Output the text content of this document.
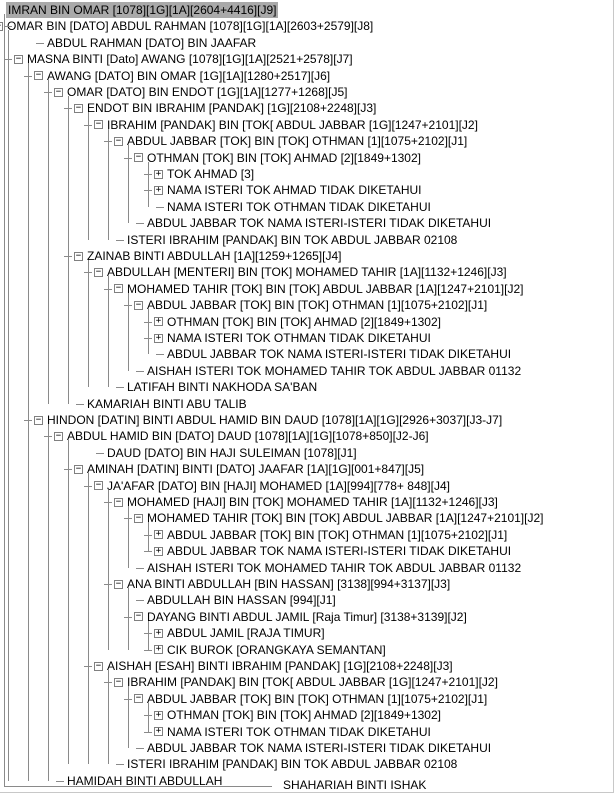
IMRAN BIN OMAR [1078][1G][1A][2604+4416][J9]
OMAR BIN [DATO] ABDUL RAHMAN [1078][1G][1A][2603+2579][J8]
ABDUL RAHMAN [DATO] BIN JAAFAR
− MASNA BINTI [Dato] AWANG [1078][1G][1A][2521+2578][J7]
− AWANG [DATO] BIN OMAR [1G][1A][1280+2517][J6]
− OMAR [DATO] BIN ENDOT [1G][1A][1277+1268][J5]
− ENDOT BIN IBRAHIM [PANDAK] [1G][2108+2248][J3]
− IBRAHIM [PANDAK] BIN [TOK[ ABDUL JABBAR [1G][1247+2101][J2]
− ABDUL JABBAR [TOK] BIN [TOK] OTHMAN [1][1075+2102][J1]
− OTHMAN [TOK] BIN [TOK] AHMAD [2][1849+1302]
+ TOK AHMAD [3]
+ NAMA ISTERI TOK AHMAD TIDAK DIKETAHUI
NAMA ISTERI TOK OTHMAN TIDAK DIKETAHUI
ABDUL JABBAR TOK NAMA ISTERI-ISTERI TIDAK DIKETAHUI
ISTERI IBRAHIM [PANDAK] BIN TOK ABDUL JABBAR 02108
− ZAINAB BINTI ABDULLAH [1A][1259+1265][J4]
− ABDULLAH [MENTERI] BIN [TOK] MOHAMED TAHIR [1A][1132+1246][J3]
− MOHAMED TAHIR [TOK] BIN [TOK] ABDUL JABBAR [1A][1247+2101][J2]
− ABDUL JABBAR [TOK] BIN [TOK] OTHMAN [1][1075+2102][J1]
+ OTHMAN [TOK] BIN [TOK] AHMAD [2][1849+1302]
+ NAMA ISTERI TOK OTHMAN TIDAK DIKETAHUI
ABDUL JABBAR TOK NAMA ISTERI-ISTERI TIDAK DIKETAHUI
AISHAH ISTERI TOK MOHAMED TAHIR TOK ABDUL JABBAR 01132
LATIFAH BINTI NAKHODA SA'BAN
KAMARIAH BINTI ABU TALIB
− HINDON [DATIN] BINTI ABDUL HAMID BIN DAUD [1078][1A][1G][2926+3037][J3-J7]
− ABDUL HAMID BIN [DATO] DAUD [1078][1A][1G][1078+850][J2-J6]
DAUD [DATO] BIN HAJI SULEIMAN [1078][J1]
− AMINAH [DATIN] BINTI [DATO] JAAFAR [1A][1G][001+847][J5]
− JA'AFAR [DATO] BIN [HAJI] MOHAMED [1A][994][778+ 848][J4]
− MOHAMED [HAJI] BIN [TOK] MOHAMED TAHIR [1A][1132+1246][J3]
− MOHAMED TAHIR [TOK] BIN [TOK] ABDUL JABBAR [1A][1247+2101][J2]
+ ABDUL JABBAR [TOK] BIN [TOK] OTHMAN [1][1075+2102][J1]
+ ABDUL JABBAR TOK NAMA ISTERI-ISTERI TIDAK DIKETAHUI
AISHAH ISTERI TOK MOHAMED TAHIR TOK ABDUL JABBAR 01132
− ANA BINTI ABDULLAH [BIN HASSAN] [3138][994+3137][J3]
ABDULLAH BIN HASSAN [994][J1]
− DAYANG BINTI ABDUL JAMIL [Raja Timur] [3138+3139][J2]
+ ABDUL JAMIL [RAJA TIMUR]
+ CIK BUROK [ORANGKAYA SEMANTAN]
− AISHAH [ESAH] BINTI IBRAHIM [PANDAK] [1G][2108+2248][J3]
− IBRAHIM [PANDAK] BIN [TOK[ ABDUL JABBAR [1G][1247+2101][J2]
− ABDUL JABBAR [TOK] BIN [TOK] OTHMAN [1][1075+2102][J1]
+ OTHMAN [TOK] BIN [TOK] AHMAD [2][1849+1302]
+ NAMA ISTERI TOK OTHMAN TIDAK DIKETAHUI
ABDUL JABBAR TOK NAMA ISTERI-ISTERI TIDAK DIKETAHUI
ISTERI IBRAHIM [PANDAK] BIN TOK ABDUL JABBAR 02108
HAMIDAH BINTI ABDULLAH	SHAHARIAH BINTI ISHAK
